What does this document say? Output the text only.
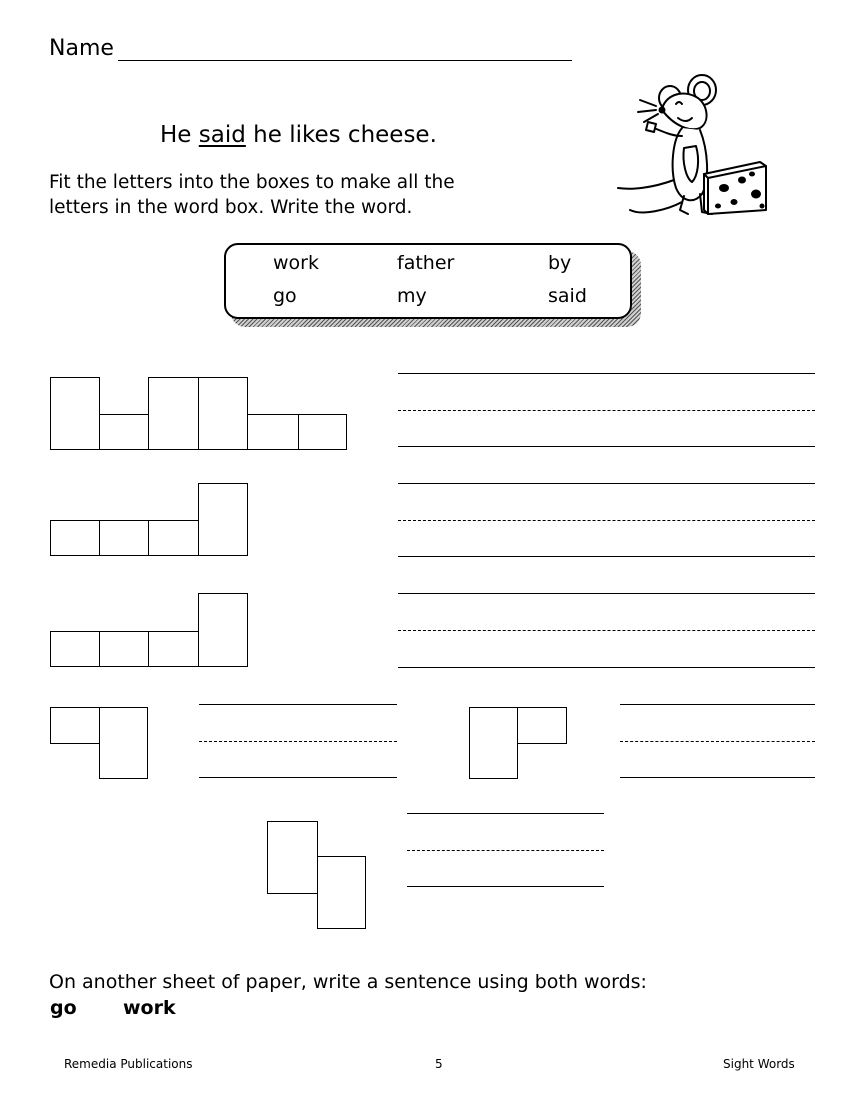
Name
He said he likes cheese.
Fit the letters into the boxes to make all the
letters in the word box. Write the word.
work	father	by
go	my	said
On another sheet of paper, write a sentence using both words:
go work
Remedia Publications	5	Sight Words
